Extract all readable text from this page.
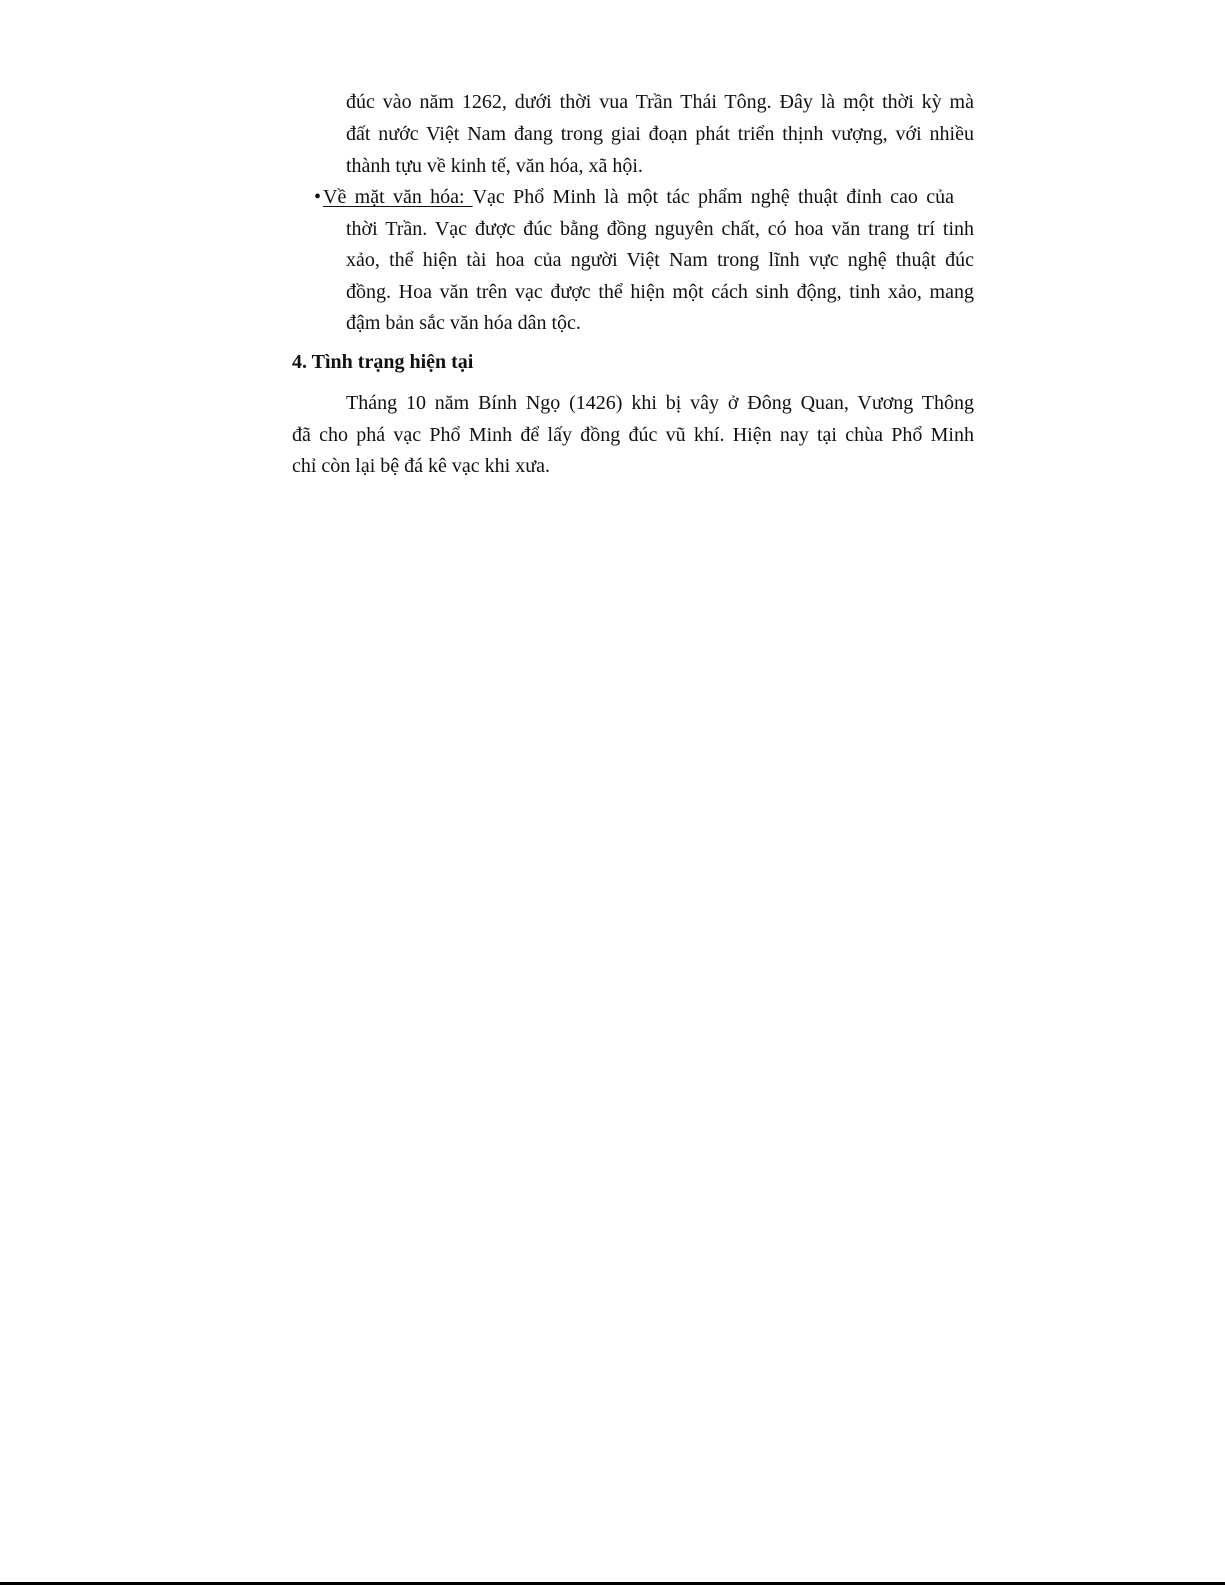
đúc vào năm 1262, dưới thời vua Trần Thái Tông. Đây là một thời kỳ mà
đất nước Việt Nam đang trong giai đoạn phát triển thịnh vượng, với nhiều
thành tựu về kinh tế, văn hóa, xã hội.
• Về mặt văn hóa: Vạc Phổ Minh là một tác phẩm nghệ thuật đỉnh cao của
thời Trần. Vạc được đúc bằng đồng nguyên chất, có hoa văn trang trí tinh
xảo, thể hiện tài hoa của người Việt Nam trong lĩnh vực nghệ thuật đúc
đồng. Hoa văn trên vạc được thể hiện một cách sinh động, tinh xảo, mang
đậm bản sắc văn hóa dân tộc.
4. Tình trạng hiện tại
Tháng 10 năm Bính Ngọ (1426) khi bị vây ở Đông Quan, Vương Thông
đã cho phá vạc Phổ Minh để lấy đồng đúc vũ khí. Hiện nay tại chùa Phổ Minh
chỉ còn lại bệ đá kê vạc khi xưa.
